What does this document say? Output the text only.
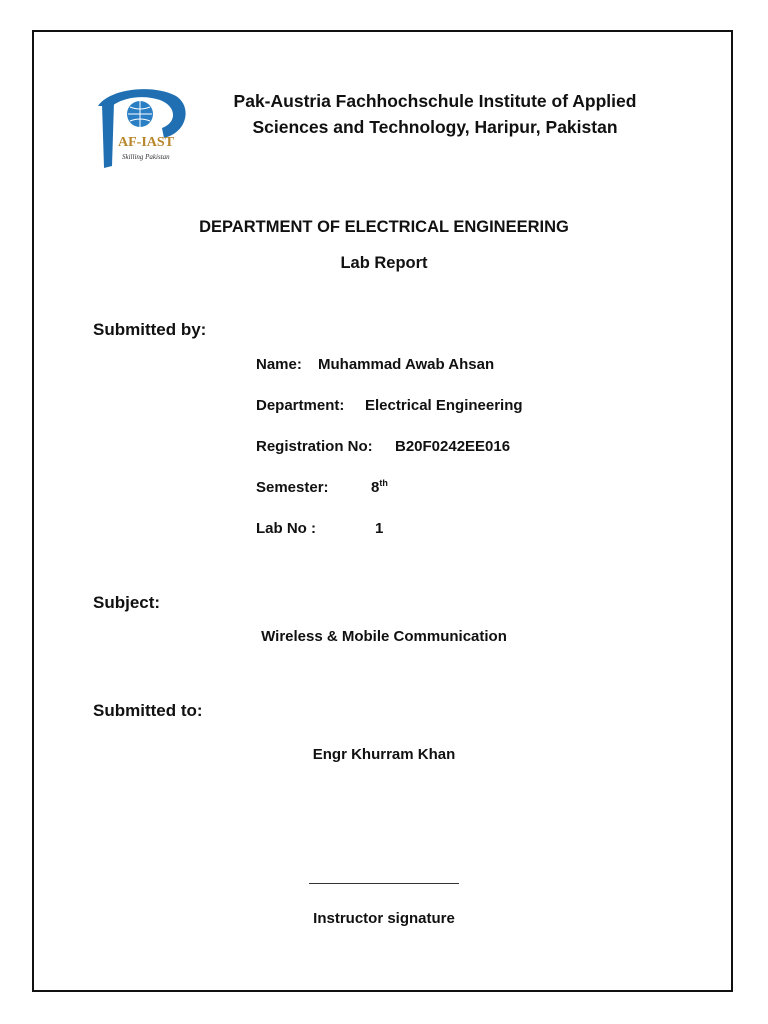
AF-IAST
Skilling Pakistan
Pak-Austria Fachhochschule Institute of Applied
Sciences and Technology, Haripur, Pakistan
DEPARTMENT OF ELECTRICAL ENGINEERING
Lab Report
Submitted by:
Name: Muhammad Awab Ahsan
Department: Electrical Engineering
Registration No: B20F0242EE016
Semester:	8th
Lab No :	1
Subject:
Wireless & Mobile Communication
Submitted to:
Engr Khurram Khan
Instructor signature
